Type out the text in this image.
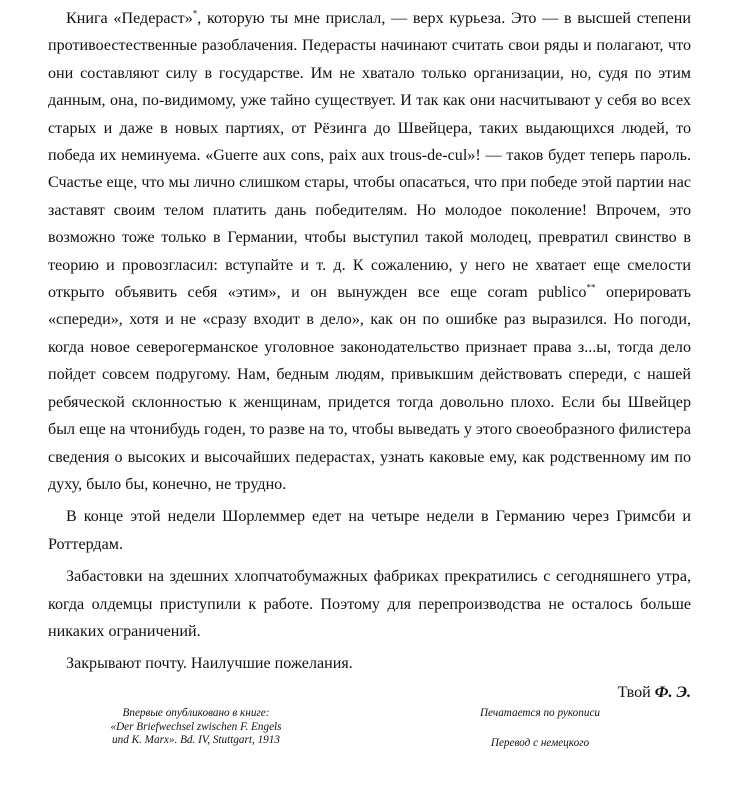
Книга «Педераст»*, которую ты мне прислал, — верх курьеза. Это — в высшей степени противоестественные разоблачения. Педерасты начинают считать свои ряды и полагают, что они составляют силу в государстве. Им не хватало только организации, но, судя по этим данным, она, по-видимому, уже тайно существует. И так как они насчитывают у себя во всех старых и даже в новых партиях, от Рёзинга до Швейцера, таких выдающихся людей, то победа их неминуема. «Guerre aux cons, paix aux trous-de-cul»! — таков будет теперь пароль. Счастье еще, что мы лично слишком стары, чтобы опасаться, что при победе этой партии нас заставят своим телом платить дань победителям. Но молодое поколение! Впрочем, это возможно тоже только в Германии, чтобы выступил такой молодец, превратил свинство в теорию и провозгласил: вступайте и т. д. К сожалению, у него не хватает еще смелости открыто объявить себя «этим», и он вынужден все еще coram publico** оперировать «спереди», хотя и не «сразу входит в дело», как он по ошибке раз выразился. Но погоди, когда новое северогерманское уголовное законодательство признает права з...ы, тогда дело пойдет совсем подругому. Нам, бедным людям, привыкшим действовать спереди, с нашей ребяческой склонностью к женщинам, придется тогда довольно плохо. Если бы Швейцер был еще на чтонибудь годен, то разве на то, чтобы выведать у этого своеобразного филистера сведения о высоких и высочайших педерастах, узнать каковые ему, как родственному им по духу, было бы, конечно, не трудно.

В конце этой недели Шорлеммер едет на четыре недели в Германию через Гримсби и Роттердам.

Забастовки на здешних хлопчатобумажных фабриках прекратились с сегодняшнего утра, когда олдемцы приступили к работе. Поэтому для перепроизводства не осталось больше никаких ограничений.

Закрывают почту. Наилучшие пожелания.

Твой Ф. Э.
Впервые опубликовано в книге:
«Der Briefwechsel zwischen F. Engels
und K. Marx». Bd. IV, Stuttgart, 1913
Печатается по рукописи
Перевод с немецкого
